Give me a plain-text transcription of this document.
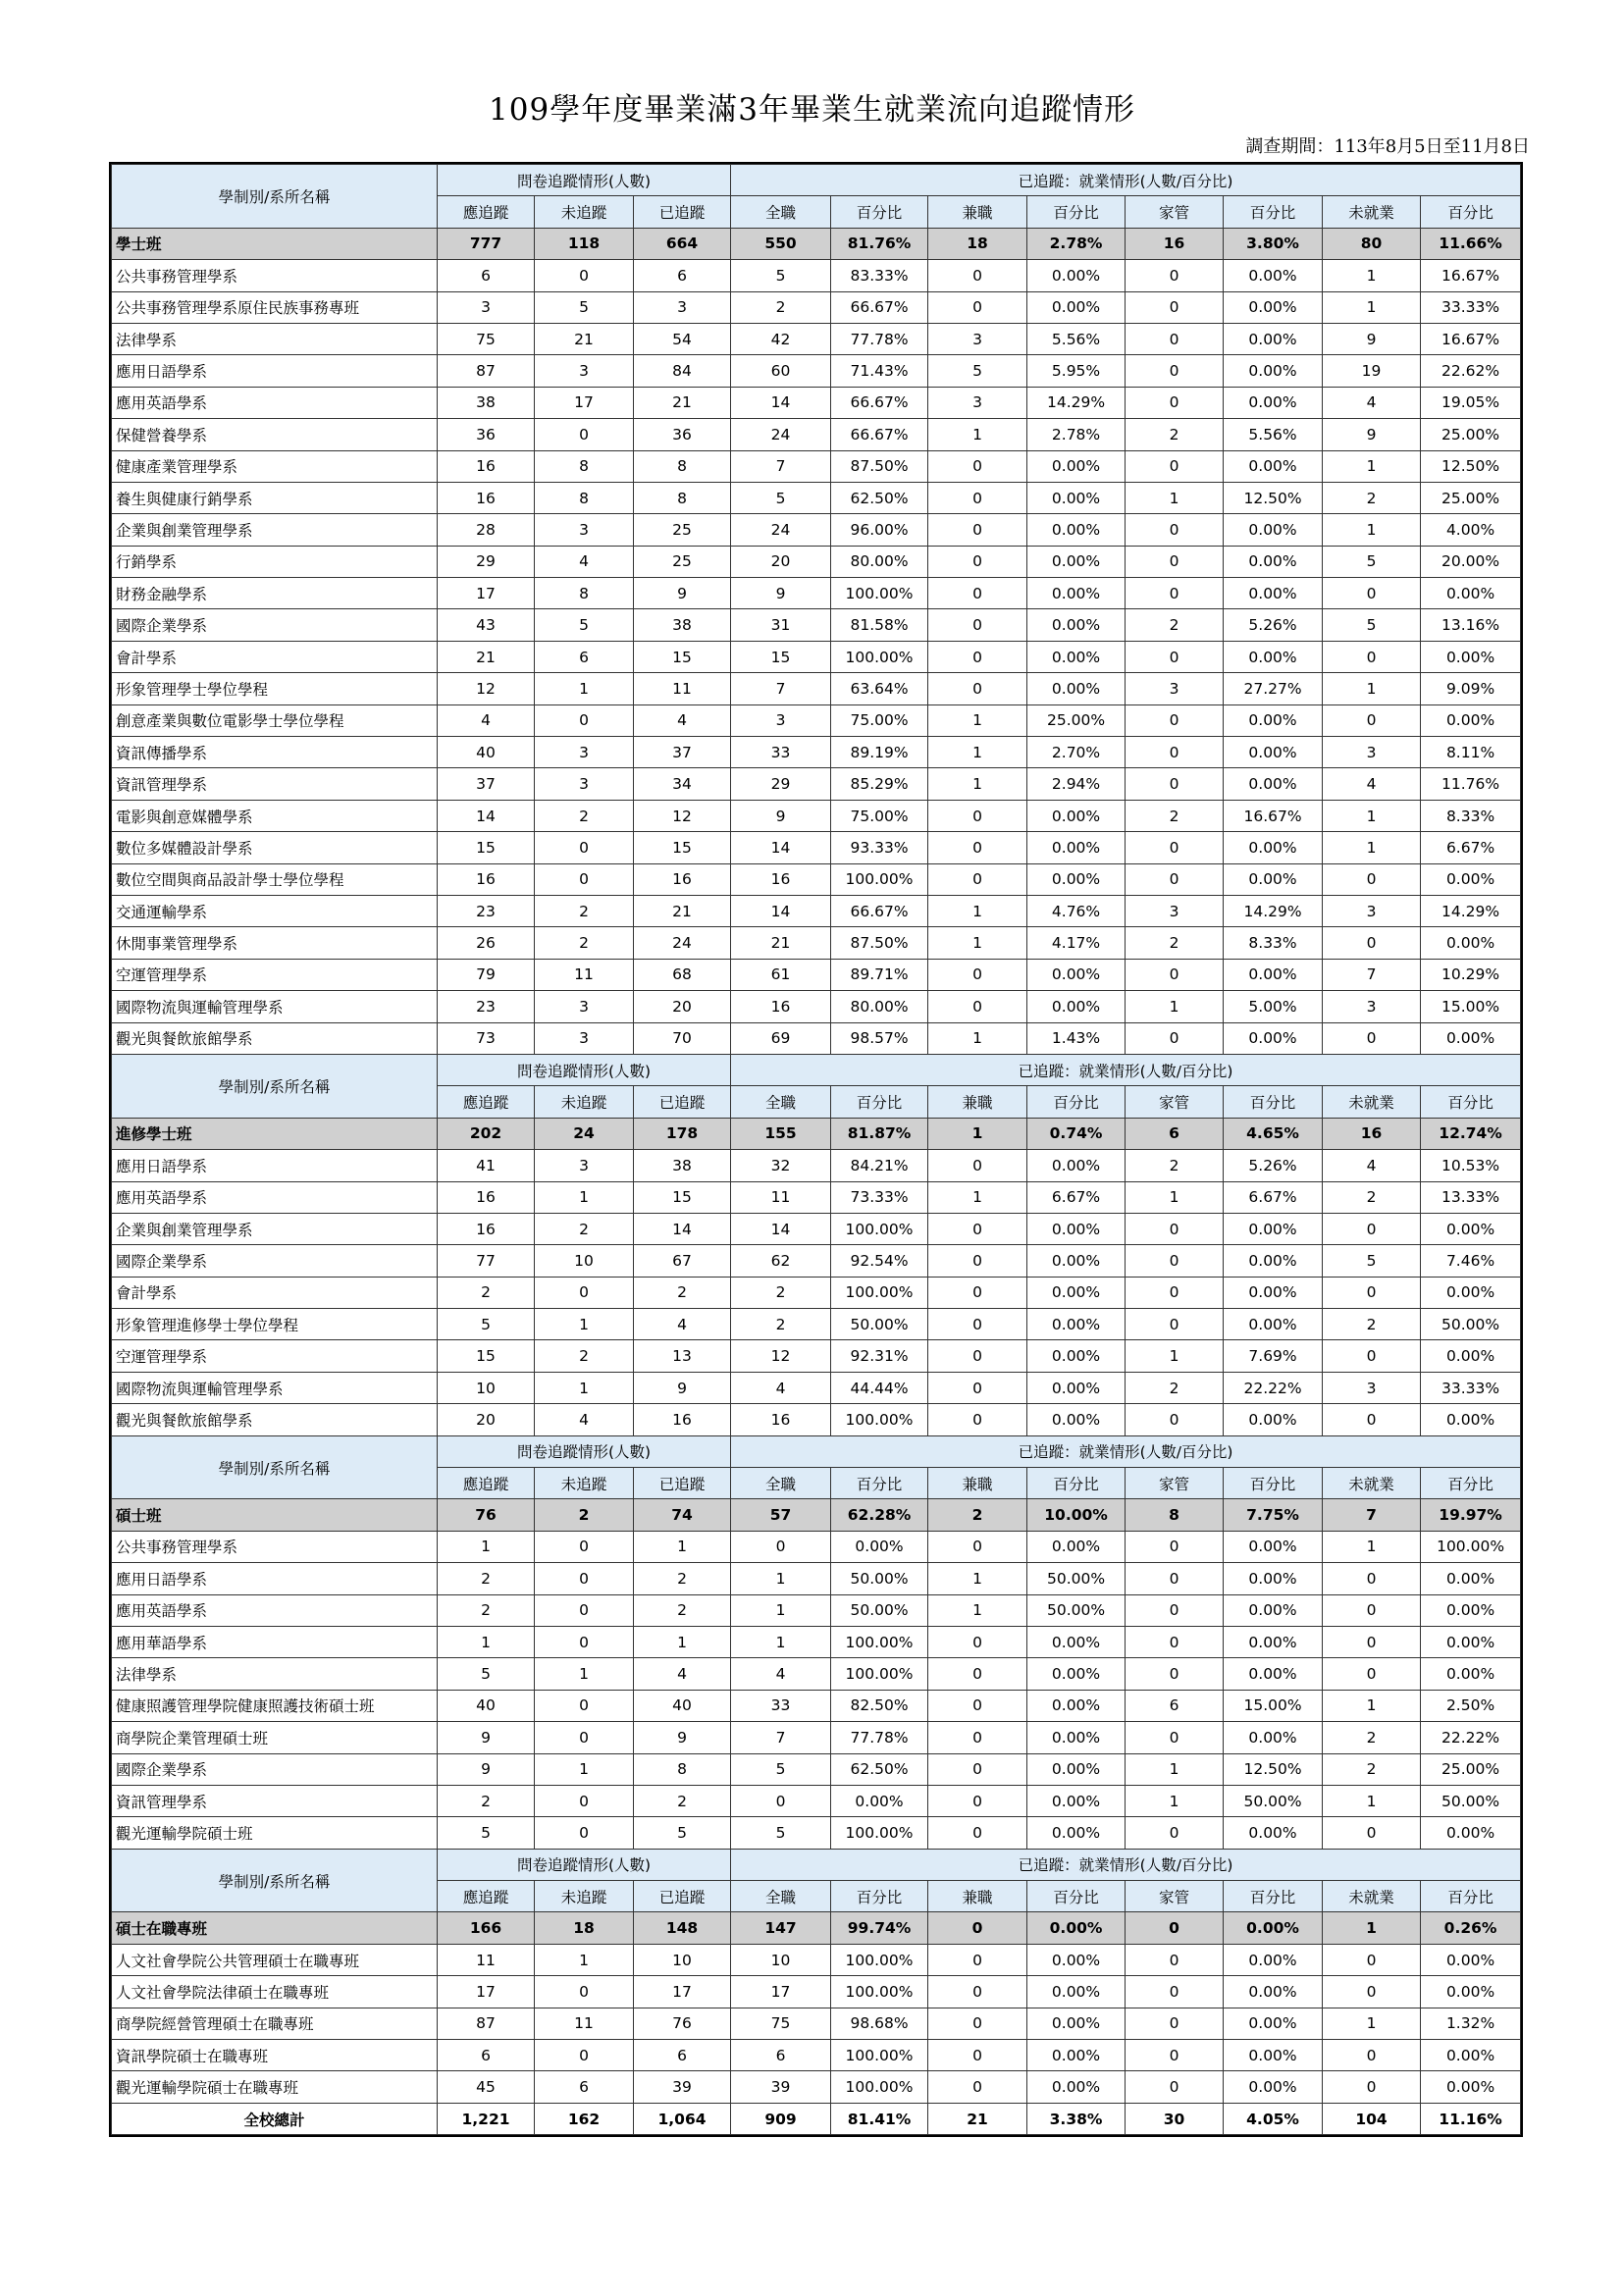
109學年度畢業滿3年畢業生就業流向追蹤情形
調查期間：113年8月5日至11月8日
學制別/系所名稱	問卷追蹤情形(人數)			已追蹤：就業情形(人數/百分比)							
	應追蹤	未追蹤	已追蹤	全職	百分比	兼職	百分比	家管	百分比	未就業	百分比
學士班	777	118	664	550	81.76%	18	2.78%	16	3.80%	80	11.66%
公共事務管理學系	6	0	6	5	83.33%	0	0.00%	0	0.00%	1	16.67%
公共事務管理學系原住民族事務專班	3	5	3	2	66.67%	0	0.00%	0	0.00%	1	33.33%
法律學系	75	21	54	42	77.78%	3	5.56%	0	0.00%	9	16.67%
應用日語學系	87	3	84	60	71.43%	5	5.95%	0	0.00%	19	22.62%
應用英語學系	38	17	21	14	66.67%	3	14.29%	0	0.00%	4	19.05%
保健營養學系	36	0	36	24	66.67%	1	2.78%	2	5.56%	9	25.00%
健康產業管理學系	16	8	8	7	87.50%	0	0.00%	0	0.00%	1	12.50%
養生與健康行銷學系	16	8	8	5	62.50%	0	0.00%	1	12.50%	2	25.00%
企業與創業管理學系	28	3	25	24	96.00%	0	0.00%	0	0.00%	1	4.00%
行銷學系	29	4	25	20	80.00%	0	0.00%	0	0.00%	5	20.00%
財務金融學系	17	8	9	9	100.00%	0	0.00%	0	0.00%	0	0.00%
國際企業學系	43	5	38	31	81.58%	0	0.00%	2	5.26%	5	13.16%
會計學系	21	6	15	15	100.00%	0	0.00%	0	0.00%	0	0.00%
形象管理學士學位學程	12	1	11	7	63.64%	0	0.00%	3	27.27%	1	9.09%
創意產業與數位電影學士學位學程	4	0	4	3	75.00%	1	25.00%	0	0.00%	0	0.00%
資訊傳播學系	40	3	37	33	89.19%	1	2.70%	0	0.00%	3	8.11%
資訊管理學系	37	3	34	29	85.29%	1	2.94%	0	0.00%	4	11.76%
電影與創意媒體學系	14	2	12	9	75.00%	0	0.00%	2	16.67%	1	8.33%
數位多媒體設計學系	15	0	15	14	93.33%	0	0.00%	0	0.00%	1	6.67%
數位空間與商品設計學士學位學程	16	0	16	16	100.00%	0	0.00%	0	0.00%	0	0.00%
交通運輸學系	23	2	21	14	66.67%	1	4.76%	3	14.29%	3	14.29%
休閒事業管理學系	26	2	24	21	87.50%	1	4.17%	2	8.33%	0	0.00%
空運管理學系	79	11	68	61	89.71%	0	0.00%	0	0.00%	7	10.29%
國際物流與運輸管理學系	23	3	20	16	80.00%	0	0.00%	1	5.00%	3	15.00%
觀光與餐飲旅館學系	73	3	70	69	98.57%	1	1.43%	0	0.00%	0	0.00%
學制別/系所名稱	問卷追蹤情形(人數)			已追蹤：就業情形(人數/百分比)							
	應追蹤	未追蹤	已追蹤	全職	百分比	兼職	百分比	家管	百分比	未就業	百分比
進修學士班	202	24	178	155	81.87%	1	0.74%	6	4.65%	16	12.74%
應用日語學系	41	3	38	32	84.21%	0	0.00%	2	5.26%	4	10.53%
應用英語學系	16	1	15	11	73.33%	1	6.67%	1	6.67%	2	13.33%
企業與創業管理學系	16	2	14	14	100.00%	0	0.00%	0	0.00%	0	0.00%
國際企業學系	77	10	67	62	92.54%	0	0.00%	0	0.00%	5	7.46%
會計學系	2	0	2	2	100.00%	0	0.00%	0	0.00%	0	0.00%
形象管理進修學士學位學程	5	1	4	2	50.00%	0	0.00%	0	0.00%	2	50.00%
空運管理學系	15	2	13	12	92.31%	0	0.00%	1	7.69%	0	0.00%
國際物流與運輸管理學系	10	1	9	4	44.44%	0	0.00%	2	22.22%	3	33.33%
觀光與餐飲旅館學系	20	4	16	16	100.00%	0	0.00%	0	0.00%	0	0.00%
學制別/系所名稱	問卷追蹤情形(人數)			已追蹤：就業情形(人數/百分比)							
	應追蹤	未追蹤	已追蹤	全職	百分比	兼職	百分比	家管	百分比	未就業	百分比
碩士班	76	2	74	57	62.28%	2	10.00%	8	7.75%	7	19.97%
公共事務管理學系	1	0	1	0	0.00%	0	0.00%	0	0.00%	1	100.00%
應用日語學系	2	0	2	1	50.00%	1	50.00%	0	0.00%	0	0.00%
應用英語學系	2	0	2	1	50.00%	1	50.00%	0	0.00%	0	0.00%
應用華語學系	1	0	1	1	100.00%	0	0.00%	0	0.00%	0	0.00%
法律學系	5	1	4	4	100.00%	0	0.00%	0	0.00%	0	0.00%
健康照護管理學院健康照護技術碩士班	40	0	40	33	82.50%	0	0.00%	6	15.00%	1	2.50%
商學院企業管理碩士班	9	0	9	7	77.78%	0	0.00%	0	0.00%	2	22.22%
國際企業學系	9	1	8	5	62.50%	0	0.00%	1	12.50%	2	25.00%
資訊管理學系	2	0	2	0	0.00%	0	0.00%	1	50.00%	1	50.00%
觀光運輸學院碩士班	5	0	5	5	100.00%	0	0.00%	0	0.00%	0	0.00%
學制別/系所名稱	問卷追蹤情形(人數)			已追蹤：就業情形(人數/百分比)							
	應追蹤	未追蹤	已追蹤	全職	百分比	兼職	百分比	家管	百分比	未就業	百分比
碩士在職專班	166	18	148	147	99.74%	0	0.00%	0	0.00%	1	0.26%
人文社會學院公共管理碩士在職專班	11	1	10	10	100.00%	0	0.00%	0	0.00%	0	0.00%
人文社會學院法律碩士在職專班	17	0	17	17	100.00%	0	0.00%	0	0.00%	0	0.00%
商學院經營管理碩士在職專班	87	11	76	75	98.68%	0	0.00%	0	0.00%	1	1.32%
資訊學院碩士在職專班	6	0	6	6	100.00%	0	0.00%	0	0.00%	0	0.00%
觀光運輸學院碩士在職專班	45	6	39	39	100.00%	0	0.00%	0	0.00%	0	0.00%
全校總計	1,221	162	1,064	909	81.41%	21	3.38%	30	4.05%	104	11.16%
